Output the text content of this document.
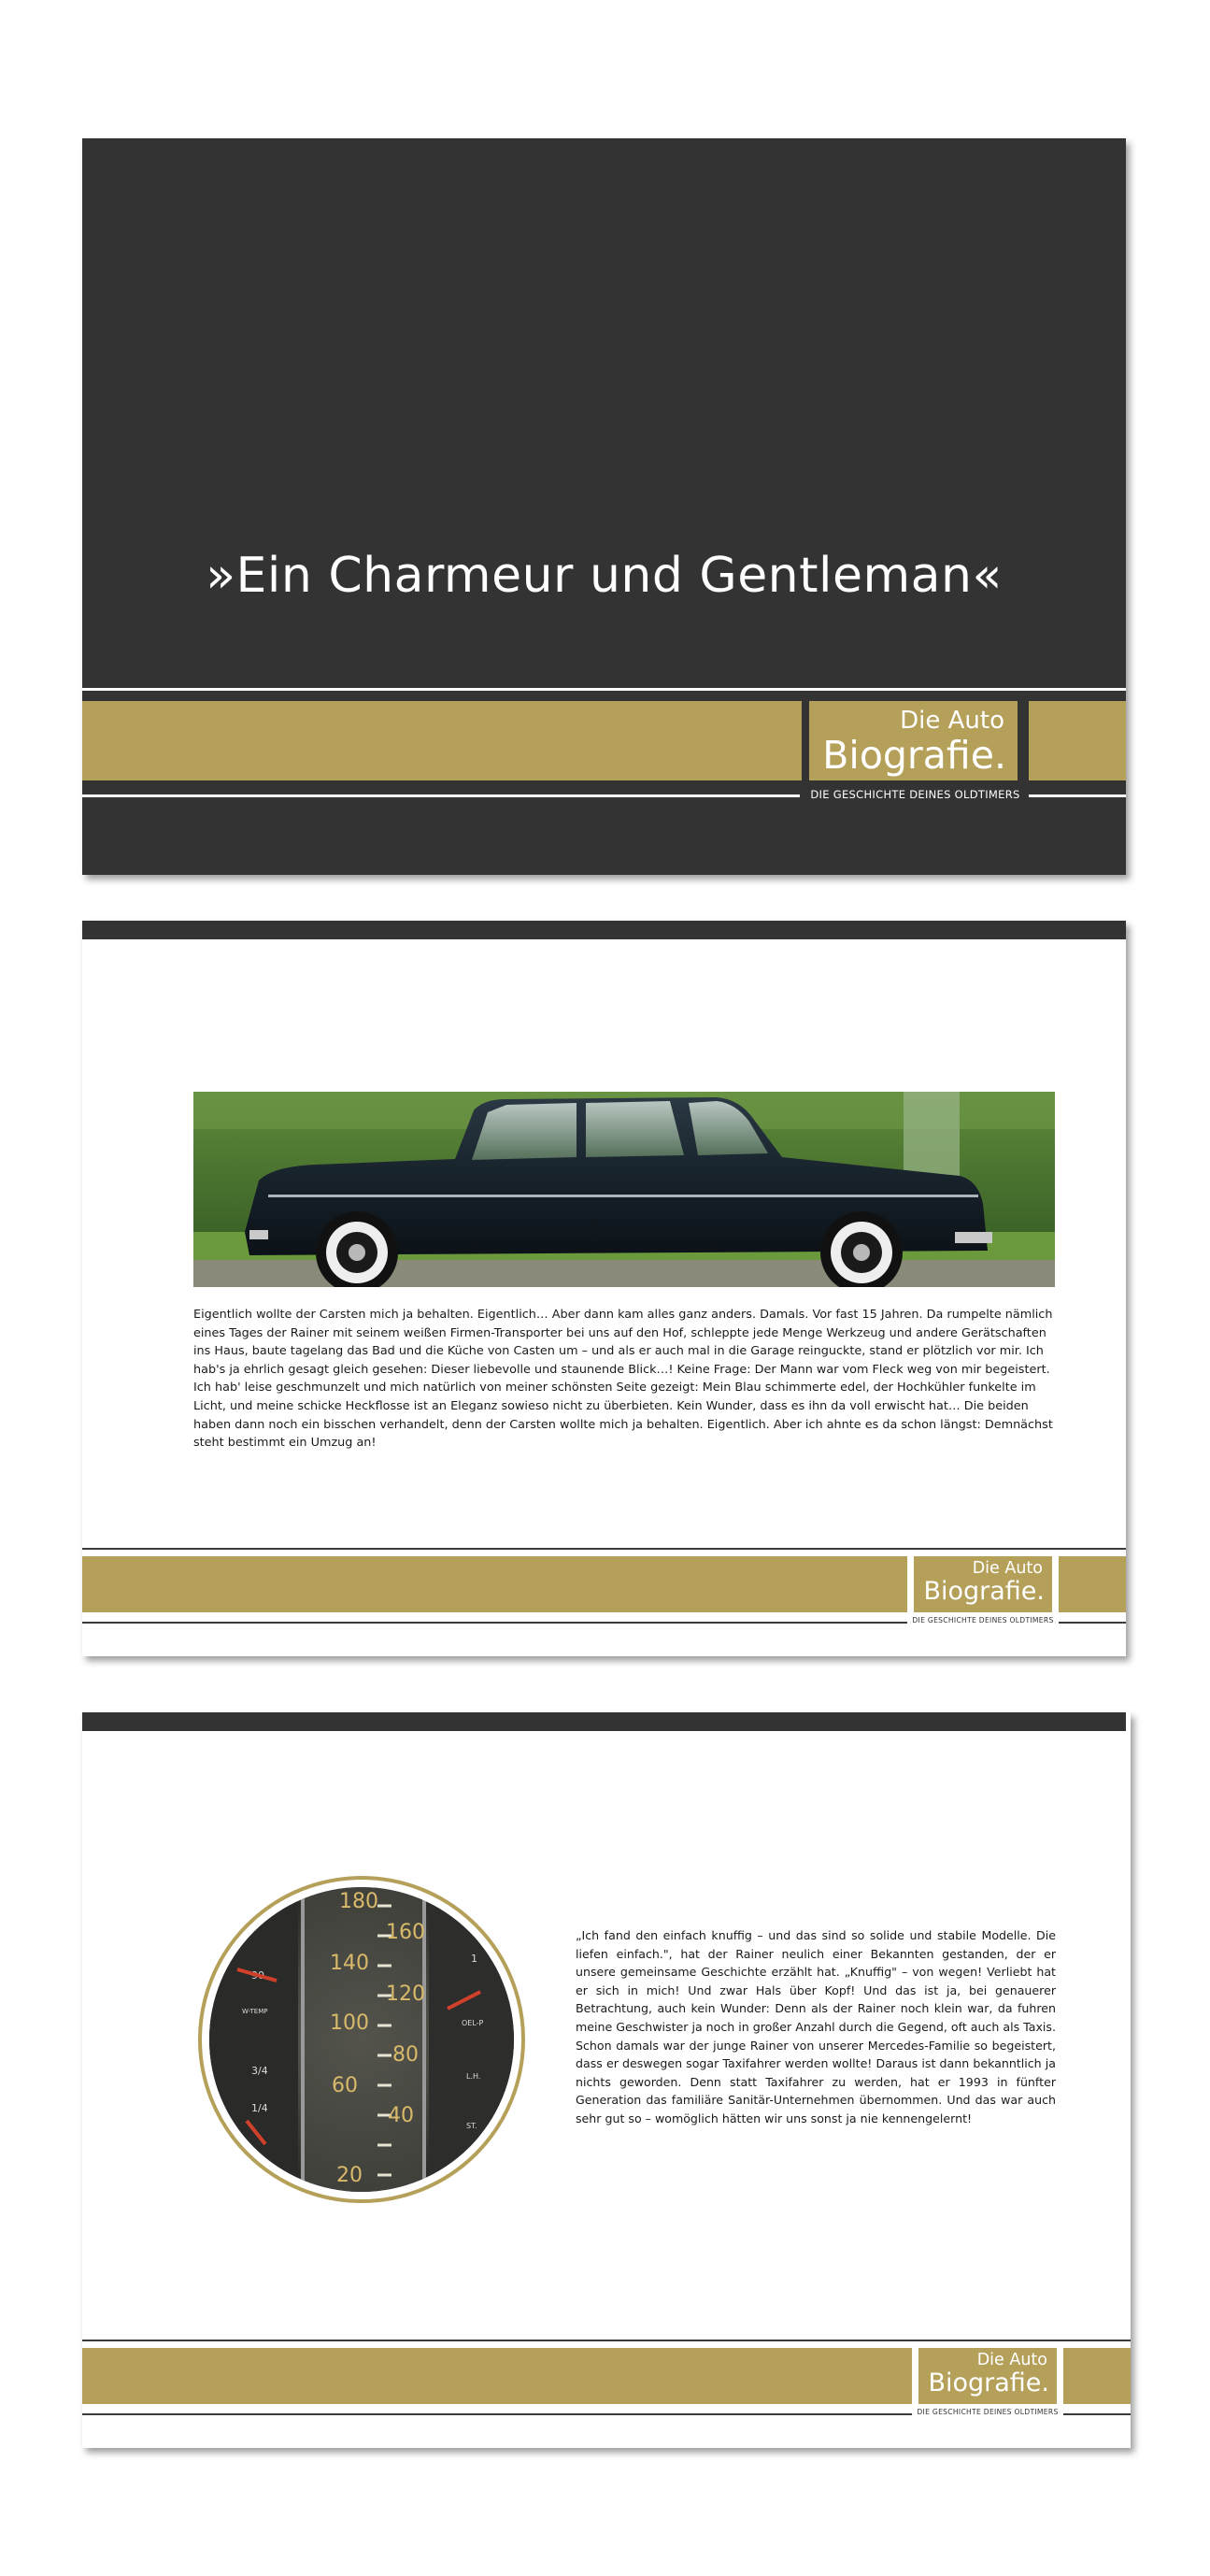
»Ein Charmeur und Gentleman«
Die Auto
Biografie.
DIE GESCHICHTE DEINES OLDTIMERS
Eigentlich wollte der Carsten mich ja behalten. Eigentlich… Aber dann kam alles ganz anders. Damals. Vor fast 15 Jahren. Da rumpelte nämlich eines Tages der Rainer mit seinem weißen Firmen-Transporter bei uns auf den Hof, schleppte jede Menge Werkzeug und andere Gerätschaften ins Haus, baute tagelang das Bad und die Küche von Casten um – und als er auch mal in die Garage reinguckte, stand er plötzlich vor mir. Ich hab's ja ehrlich gesagt gleich gesehen: Dieser liebevolle und staunende Blick…! Keine Frage: Der Mann war vom Fleck weg von mir begeistert. Ich hab' leise geschmunzelt und mich natürlich von meiner schönsten Seite gezeigt: Mein Blau schimmerte edel, der Hochkühler funkelte im Licht, und meine schicke Heckflosse ist an Eleganz sowieso nicht zu überbieten. Kein Wunder, dass es ihn da voll erwischt hat… Die beiden haben dann noch ein bisschen verhandelt, denn der Carsten wollte mich ja behalten. Eigentlich. Aber ich ahnte es da schon längst: Demnächst steht bestimmt ein Umzug an!
Die Auto
Biografie.
DIE GESCHICHTE DEINES OLDTIMERS
180
160
140
120
100
80
60
40
20
120
W-TEMP
3/4
1/4
1
OEL-P
L.H.
ST.
„Ich fand den einfach knuffig – und das sind so solide und stabile Modelle. Die liefen einfach.", hat der Rainer neulich einer Bekannten gestanden, der er unsere gemeinsame Geschichte erzählt hat. „Knuffig" – von wegen! Verliebt hat er sich in mich! Und zwar Hals über Kopf! Und das ist ja, bei genauerer Betrachtung, auch kein Wunder: Denn als der Rainer noch klein war, da fuhren meine Geschwister ja noch in großer Anzahl durch die Gegend, oft auch als Taxis. Schon damals war der junge Rainer von unserer Mercedes-Familie so begeistert, dass er deswegen sogar Taxifahrer werden wollte! Daraus ist dann bekanntlich ja nichts geworden. Denn statt Taxifahrer zu werden, hat er 1993 in fünfter Generation das familiäre Sanitär-Unternehmen übernommen. Und das war auch sehr gut so – womöglich hätten wir uns sonst ja nie kennengelernt!
Die Auto
Biografie.
DIE GESCHICHTE DEINES OLDTIMERS
